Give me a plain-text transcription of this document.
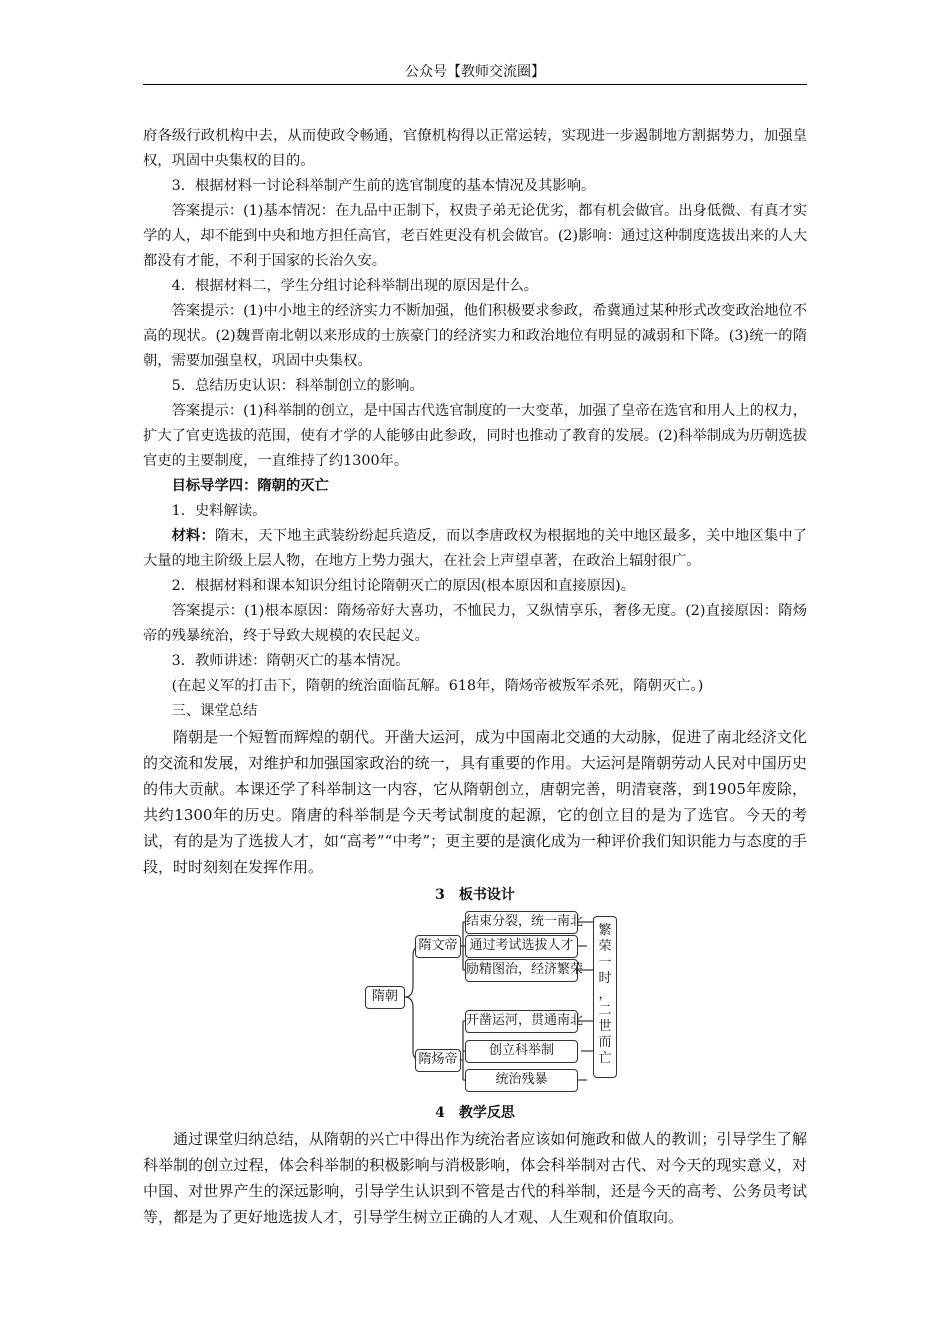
公众号【教师交流圈】

府各级行政机构中去，从而使政令畅通，官僚机构得以正常运转，实现进一步遏制地方割据势力，加强皇权，巩固中央集权的目的。

3．根据材料一讨论科举制产生前的选官制度的基本情况及其影响。

答案提示：(1)基本情况：在九品中正制下，权贵子弟无论优劣，都有机会做官。出身低微、有真才实学的人，却不能到中央和地方担任高官，老百姓更没有机会做官。(2)影响：通过这种制度选拔出来的人大都没有才能，不利于国家的长治久安。

4．根据材料二，学生分组讨论科举制出现的原因是什么。

答案提示：(1)中小地主的经济实力不断加强，他们积极要求参政，希冀通过某种形式改变政治地位不高的现状。(2)魏晋南北朝以来形成的士族豪门的经济实力和政治地位有明显的减弱和下降。(3)统一的隋朝，需要加强皇权，巩固中央集权。

5．总结历史认识：科举制创立的影响。

答案提示：(1)科举制的创立，是中国古代选官制度的一大变革，加强了皇帝在选官和用人上的权力，扩大了官吏选拔的范围，使有才学的人能够由此参政，同时也推动了教育的发展。(2)科举制成为历朝选拔官吏的主要制度，一直维持了约1300年。

目标导学四：隋朝的灭亡

1．史料解读。

材料：隋末，天下地主武装纷纷起兵造反，而以李唐政权为根据地的关中地区最多，关中地区集中了大量的地主阶级上层人物，在地方上势力强大，在社会上声望卓著，在政治上辐射很广。

2．根据材料和课本知识分组讨论隋朝灭亡的原因(根本原因和直接原因)。

答案提示：(1)根本原因：隋炀帝好大喜功，不恤民力，又纵情享乐，奢侈无度。(2)直接原因：隋炀帝的残暴统治，终于导致大规模的农民起义。

3．教师讲述：隋朝灭亡的基本情况。

(在起义军的打击下，隋朝的统治面临瓦解。618年，隋炀帝被叛军杀死，隋朝灭亡。)

三、课堂总结

隋朝是一个短暂而辉煌的朝代。开凿大运河，成为中国南北交通的大动脉，促进了南北经济文化的交流和发展，对维护和加强国家政治的统一，具有重要的作用。大运河是隋朝劳动人民对中国历史的伟大贡献。本课还学了科举制这一内容，它从隋朝创立，唐朝完善，明清衰落，到1905年废除，共约1300年的历史。隋唐的科举制是今天考试制度的起源，它的创立目的是为了选官。今天的考试，有的是为了选拔人才，如“高考”“中考”；更主要的是演化成为一种评价我们知识能力与态度的手段，时时刻刻在发挥作用。

3　板书设计
隋朝
隋文帝
隋炀帝
结束分裂，统一南北
通过考试选拔人才
励精图治，经济繁荣
开凿运河，贯通南北
创立科举制
统治残暴
繁
荣
一
时
，
二
世
而
亡
4　教学反思

通过课堂归纳总结，从隋朝的兴亡中得出作为统治者应该如何施政和做人的教训；引导学生了解科举制的创立过程，体会科举制的积极影响与消极影响，体会科举制对古代、对今天的现实意义，对中国、对世界产生的深远影响，引导学生认识到不管是古代的科举制，还是今天的高考、公务员考试等，都是为了更好地选拔人才，引导学生树立正确的人才观、人生观和价值取向。
